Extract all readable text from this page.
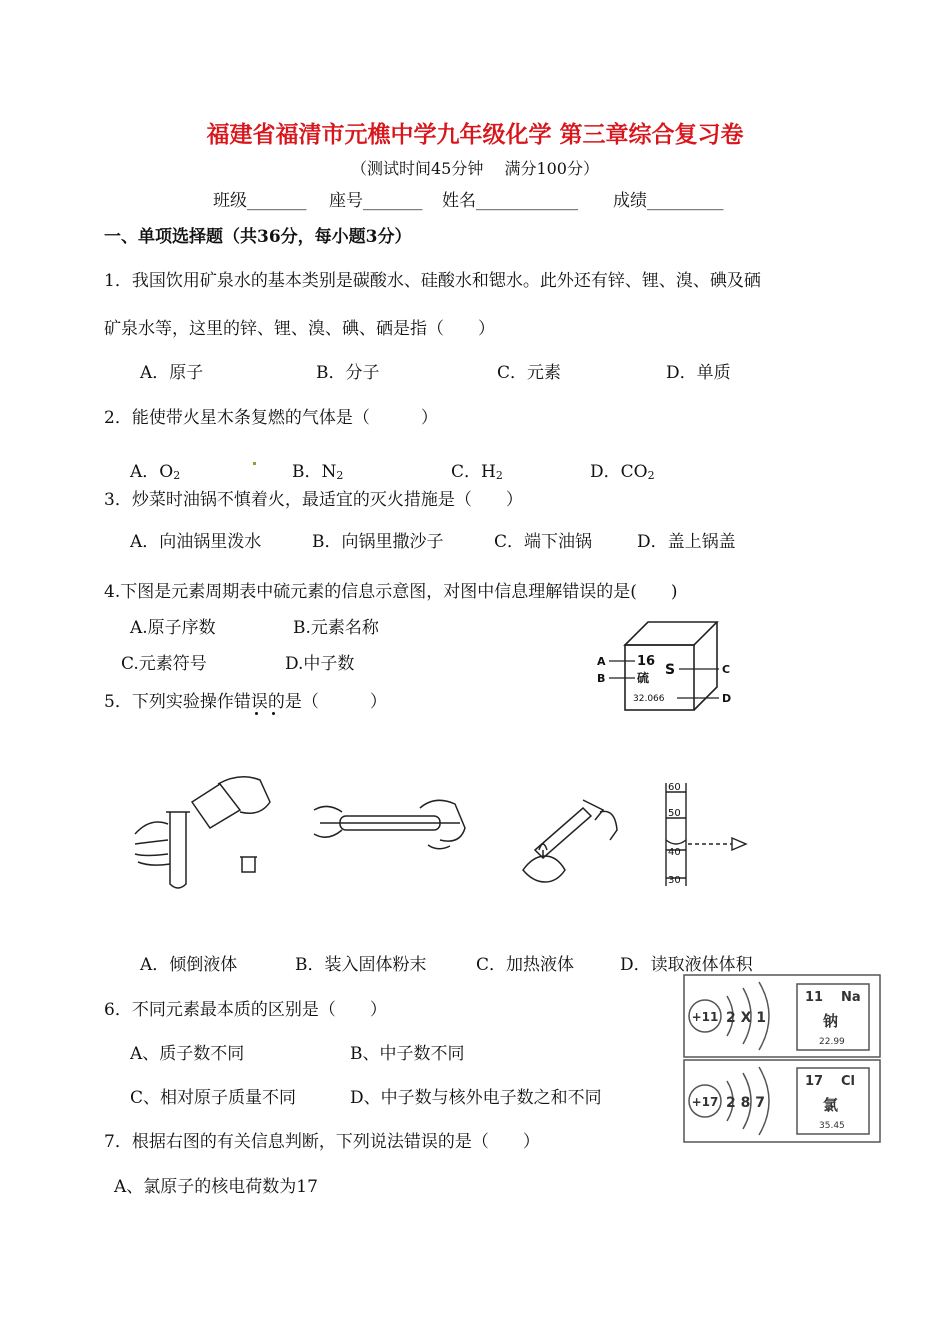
福建省福清市元樵中学九年级化学 第三章综合复习卷
（测试时间45分钟　 满分100分）
班级_______ 座号_______ 姓名____________ 成绩_________
一、单项选择题（共36分，每小题3分）
1．我国饮用矿泉水的基本类别是碳酸水、硅酸水和锶水。此外还有锌、锂、溴、碘及硒
矿泉水等，这里的锌、锂、溴、碘、硒是指（　　）
A．原子	B．分子	C．元素	D．单质
2．能使带火星木条复燃的气体是（　　　）
A．$O_2$	B．$N_2$	C．$H_2$	D．$CO_2$
3．炒菜时油锅不慎着火，最适宜的灭火措施是（　　）
A．向油锅里泼水	B．向锅里撒沙子	C．端下油锅	D．盖上锅盖
4.下图是元素周期表中硫元素的信息示意图，对图中信息理解错误的是(　　)
A.原子序数	B.元素名称
C.元素符号	D.中子数	16
S
硫
32.066
A
B
C
D
5．下列实验操作错误的是（　　　）
60
50
40
30
A．倾倒液体	B．装入固体粉末	C．加热液体	D．读取液体体积
6．不同元素最本质的区别是（　　）
A、质子数不同	B、中子数不同
C、相对原子质量不同	D、中子数与核外电子数之和不同
+11 2 X 1
11 Na
钠
22.99
+17 2 8 7
17 Cl
氯
35.45
7．根据右图的有关信息判断，下列说法错误的是（　　）
A、氯原子的核电荷数为17
